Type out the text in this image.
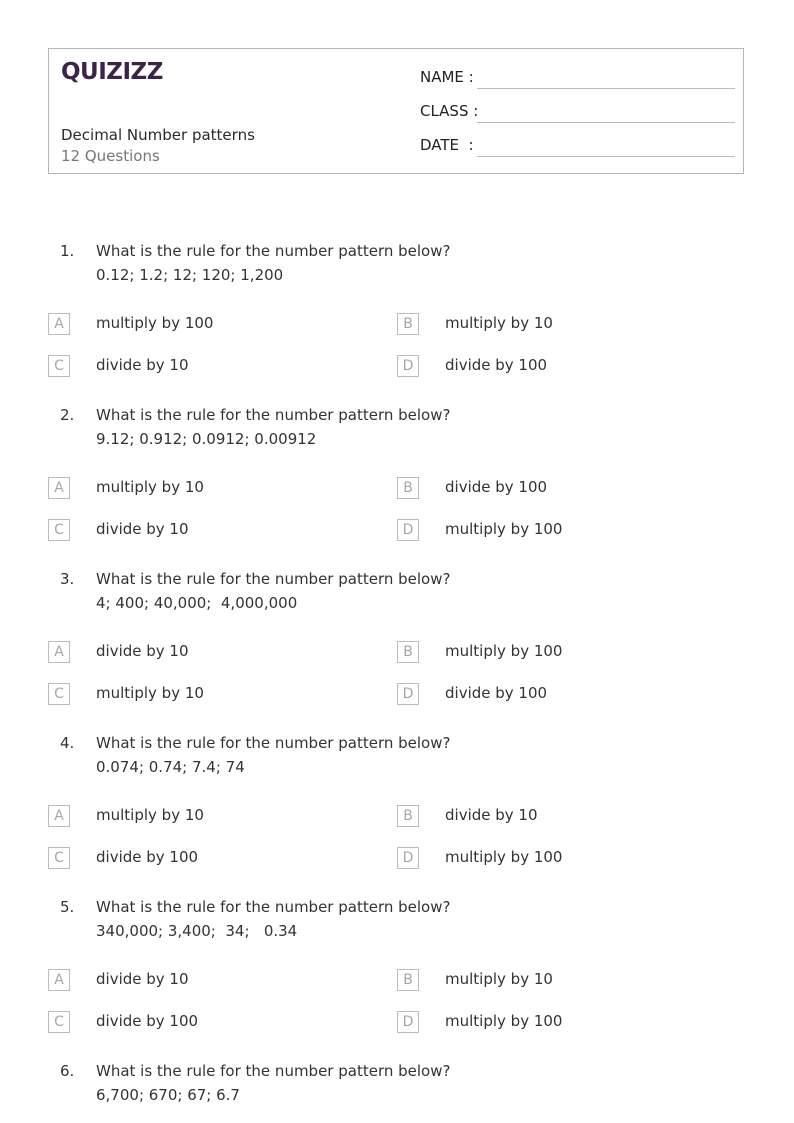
QUIZIZZ
Decimal Number patterns
12 Questions
NAME :
CLASS :
DATE  :
1. What is the rule for the number pattern below?
0.12; 1.2; 12; 120; 1,200
A	multiply by 100	B	multiply by 10
C	divide by 10	D	divide by 100
2. What is the rule for the number pattern below?
9.12; 0.912; 0.0912; 0.00912
A	multiply by 10	B	divide by 100
C	divide by 10	D	multiply by 100
3. What is the rule for the number pattern below?
4; 400; 40,000;  4,000,000
A	divide by 10	B	multiply by 100
C	multiply by 10	D	divide by 100
4. What is the rule for the number pattern below?
0.074; 0.74; 7.4; 74
A	multiply by 10	B	divide by 10
C	divide by 100	D	multiply by 100
5. What is the rule for the number pattern below?
340,000; 3,400;  34;   0.34
A	divide by 10	B	multiply by 10
C	divide by 100	D	multiply by 100
6. What is the rule for the number pattern below?
6,700; 670; 67; 6.7
